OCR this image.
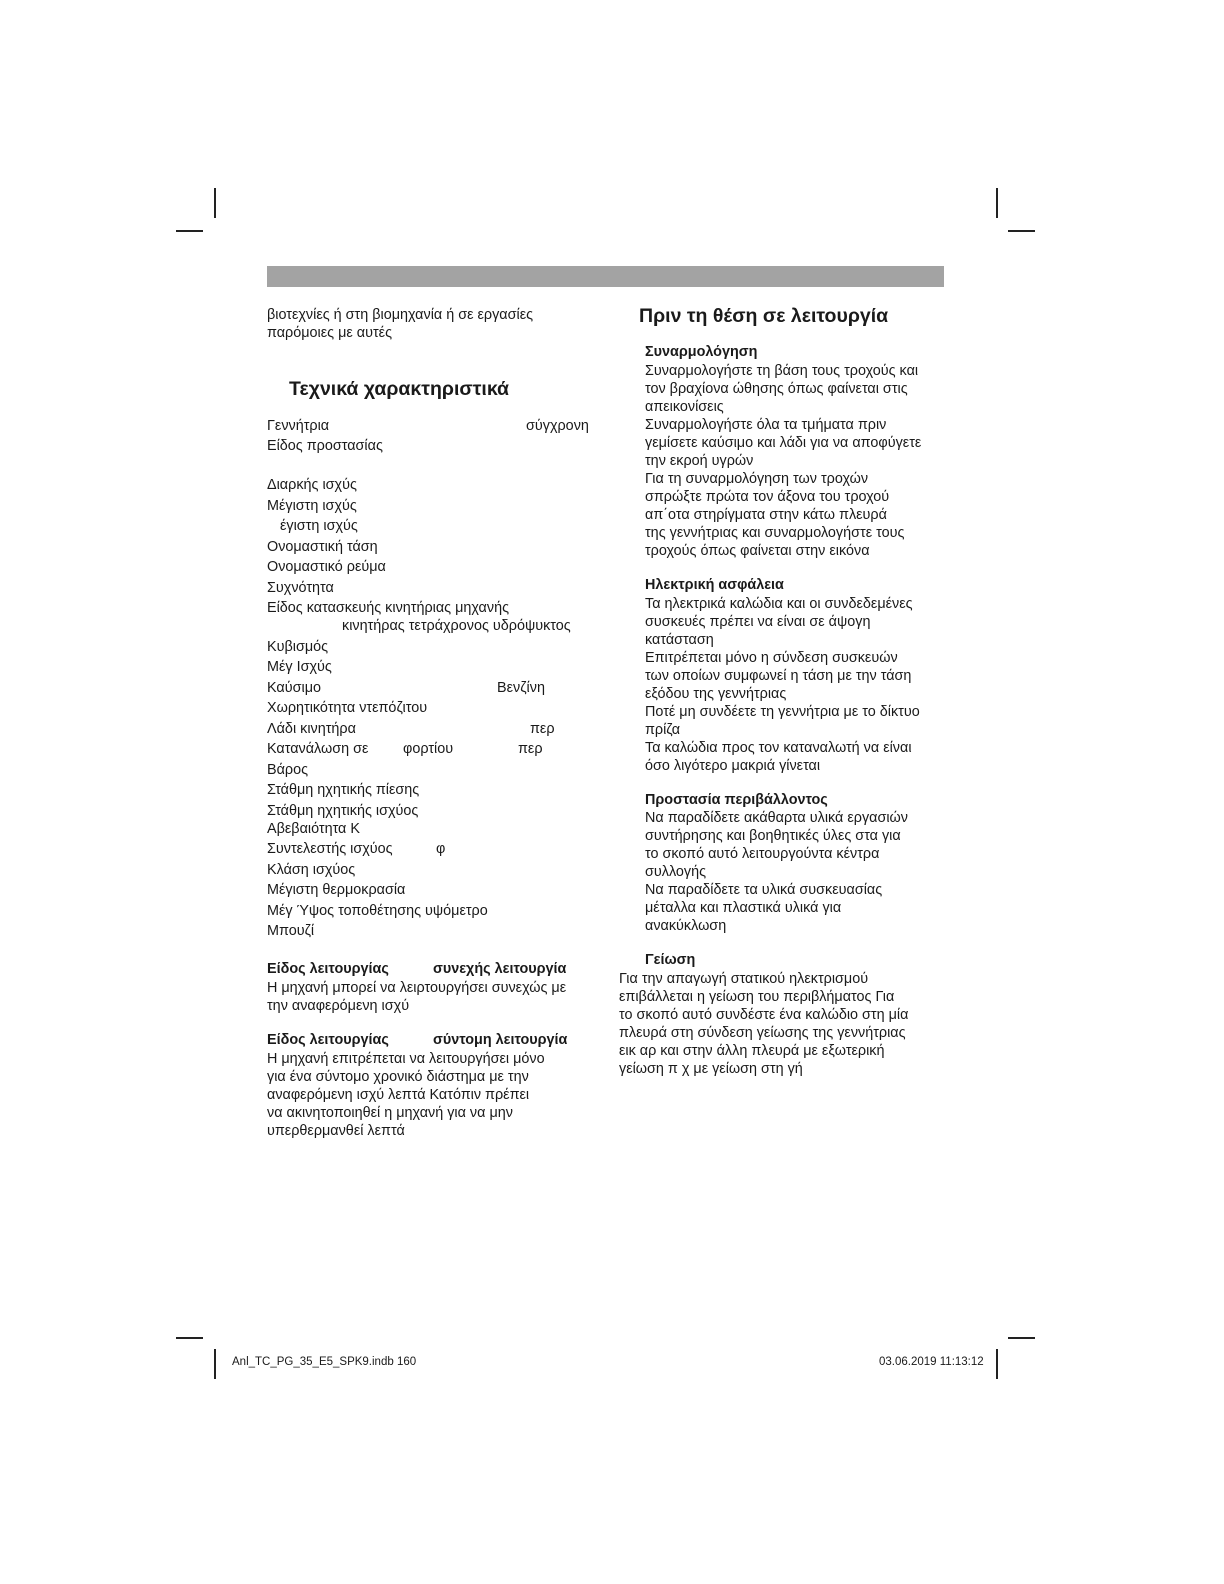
βιοτεχνίες ή στη βιομηχανία ή σε εργασίες
παρόμοιες με αυτές
Τεχνικά χαρακτηριστικά
Γεννήτρια	σύγχρονη
Είδος προστασίας
Διαρκής ισχύς
Μέγιστη ισχύς
έγιστη ισχύς
Ονομαστική τάση
Ονομαστικό ρεύμα
Συχνότητα
Είδος κατασκευής κινητήριας μηχανής
κινητήρας τετράχρονος υδρόψυκτος
Κυβισμός
Μέγ Ισχύς
Καύσιμο	Βενζίνη
Χωρητικότητα ντεπόζιτου
Λάδι κινητήρα	περ
Κατανάλωση σε φορτίου	περ
Βάρος
Στάθμη ηχητικής πίεσης
Στάθμη ηχητικής ισχύος
Αβεβαιότητα K
Συντελεστής ισχύος	φ
Κλάση ισχύος
Μέγιστη θερμοκρασία
Μέγ Ύψος τοποθέτησης υψόμετρο
Μπουζί
Είδος λειτουργίας	συνεχής λειτουργία
Η μηχανή μπορεί να λειρτουργήσει συνεχώς με
την αναφερόμενη ισχύ
Είδος λειτουργίας	σύντομη λειτουργία
Η μηχανή επιτρέπεται να λειτουργήσει μόνο
για ένα σύντομο χρονικό διάστημα με την
αναφερόμενη ισχύ λεπτά Κατόπιν πρέπει
να ακινητοποιηθεί η μηχανή για να μην
υπερθερμανθεί λεπτά
Πριν τη θέση σε λειτουργία
Συναρμολόγηση
Συναρμολογήστε τη βάση τους τροχούς και
τον βραχίονα ώθησης όπως φαίνεται στις
απεικονίσεις
Συναρμολογήστε όλα τα τμήματα πριν
γεμίσετε καύσιμο και λάδι για να αποφύγετε
την εκροή υγρών
Για τη συναρμολόγηση των τροχών
σπρώξτε πρώτα τον άξονα του τροχού
απ΄οτα στηρίγματα στην κάτω πλευρά
της γεννήτριας και συναρμολογήστε τους
τροχούς όπως φαίνεται στην εικόνα
Ηλεκτρική ασφάλεια
Τα ηλεκτρικά καλώδια και οι συνδεδεμένες
συσκευές πρέπει να είναι σε άψογη
κατάσταση
Επιτρέπεται μόνο η σύνδεση συσκευών
των οποίων συμφωνεί η τάση με την τάση
εξόδου της γεννήτριας
Ποτέ μη συνδέετε τη γεννήτρια με το δίκτυο
πρίζα
Τα καλώδια προς τον καταναλωτή να είναι
όσο λιγότερο μακριά γίνεται
Προστασία περιβάλλοντος
Να παραδίδετε ακάθαρτα υλικά εργασιών
συντήρησης και βοηθητικές ύλες στα για
το σκοπό αυτό λειτουργούντα κέντρα
συλλογής
Να παραδίδετε τα υλικά συσκευασίας
μέταλλα και πλαστικά υλικά για
ανακύκλωση
Γείωση
Για την απαγωγή στατικού ηλεκτρισμού
επιβάλλεται η γείωση του περιβλήματος Για
το σκοπό αυτό συνδέστε ένα καλώδιο στη μία
πλευρά στη σύνδεση γείωσης της γεννήτριας
εικ αρ και στην άλλη πλευρά με εξωτερική
γείωση π χ με γείωση στη γή
Anl_TC_PG_35_E5_SPK9.indb 160	03.06.2019 11:13:12
